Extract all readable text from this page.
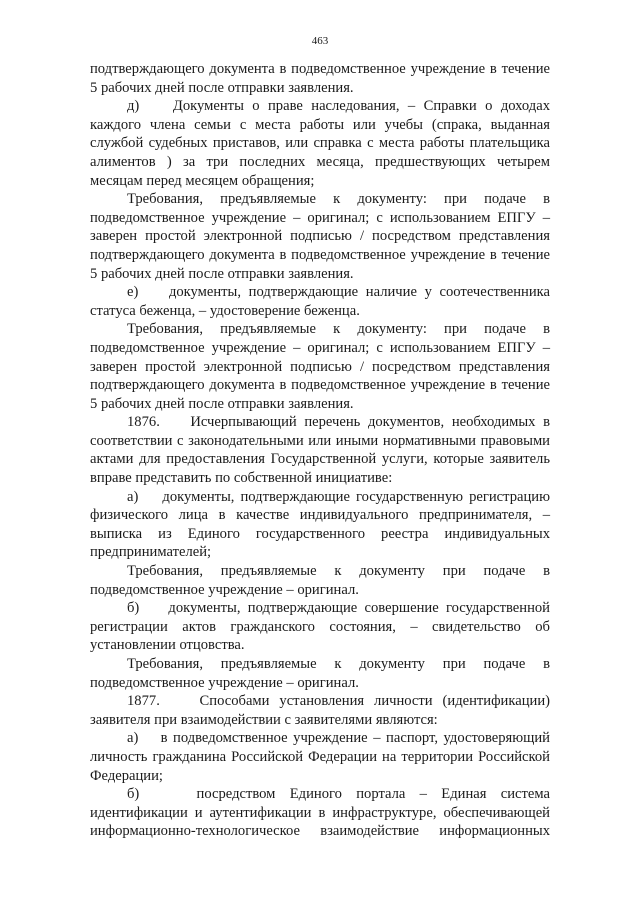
463

подтверждающего документа в подведомственное учреждение в течение 5 рабочих дней после отправки заявления.

д)    Документы о праве наследования, – Справки о доходах каждого члена семьи с места работы или учебы (спрака, выданная службой судебных приставов, или справка с места работы плательщика алиментов ) за три последних месяца, предшествующих четырем месяцам перед месяцем обращения;

Требования, предъявляемые к документу: при подаче в подведомственное учреждение – оригинал; с использованием ЕПГУ – заверен простой электронной подписью / посредством представления подтверждающего документа в подведомственное учреждение в течение 5 рабочих дней после отправки заявления.

е)    документы, подтверждающие наличие у соотечественника статуса беженца, – удостоверение беженца.

Требования, предъявляемые к документу: при подаче в подведомственное учреждение – оригинал; с использованием ЕПГУ – заверен простой электронной подписью / посредством представления подтверждающего документа в подведомственное учреждение в течение 5 рабочих дней после отправки заявления.

1876.    Исчерпывающий перечень документов, необходимых в соответствии с законодательными или иными нормативными правовыми актами для предоставления Государственной услуги, которые заявитель вправе представить по собственной инициативе:

а)    документы, подтверждающие государственную регистрацию физического лица в качестве индивидуального предпринимателя, – выписка из Единого государственного реестра индивидуальных предпринимателей;

Требования, предъявляемые к документу при подаче в подведомственное учреждение – оригинал.

б)    документы, подтверждающие совершение государственной регистрации актов гражданского состояния, – свидетельство об установлении отцовства.

Требования, предъявляемые к документу при подаче в подведомственное учреждение – оригинал.

1877.    Способами установления личности (идентификации) заявителя при взаимодействии с заявителями являются:

а)    в подведомственное учреждение – паспорт, удостоверяющий личность гражданина Российской Федерации на территории Российской Федерации;

б)    посредством Единого портала – Единая система идентификации и аутентификации в инфраструктуре, обеспечивающей информационно-технологическое взаимодействие информационных
